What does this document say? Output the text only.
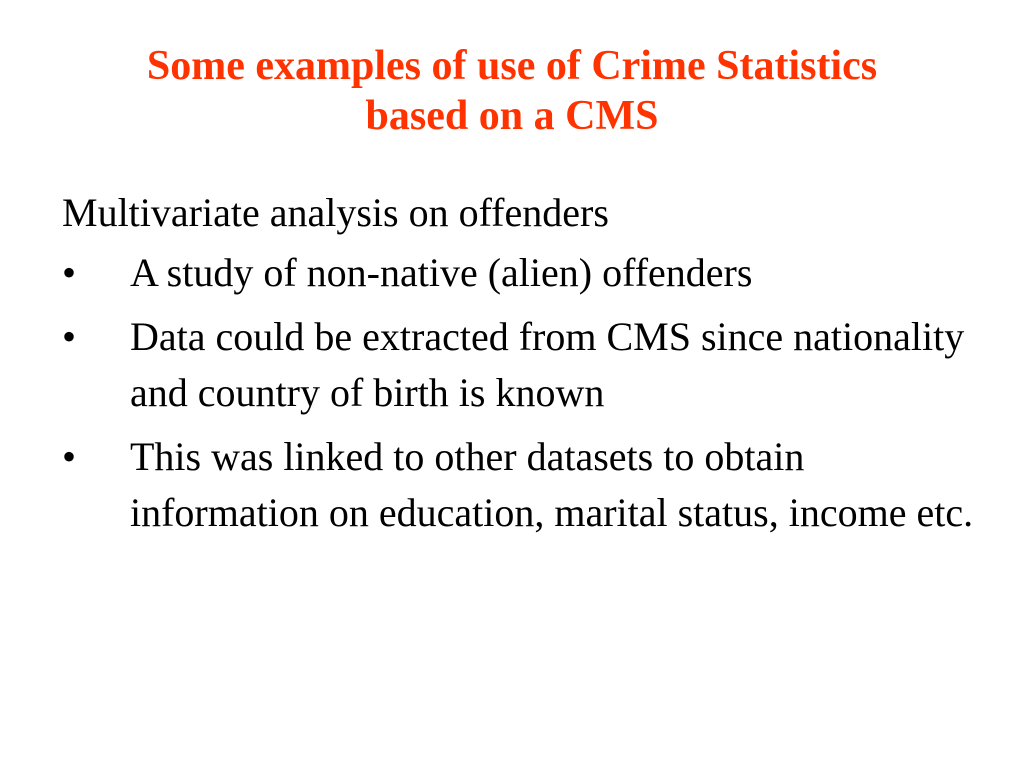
Some examples of use of Crime Statistics
based on a CMS

Multivariate analysis on offenders

•	A study of non-native (alien) offenders
•	Data could be extracted from CMS since nationality and country of birth is known
•	This was linked to other datasets to obtain information on education, marital status, income etc.
